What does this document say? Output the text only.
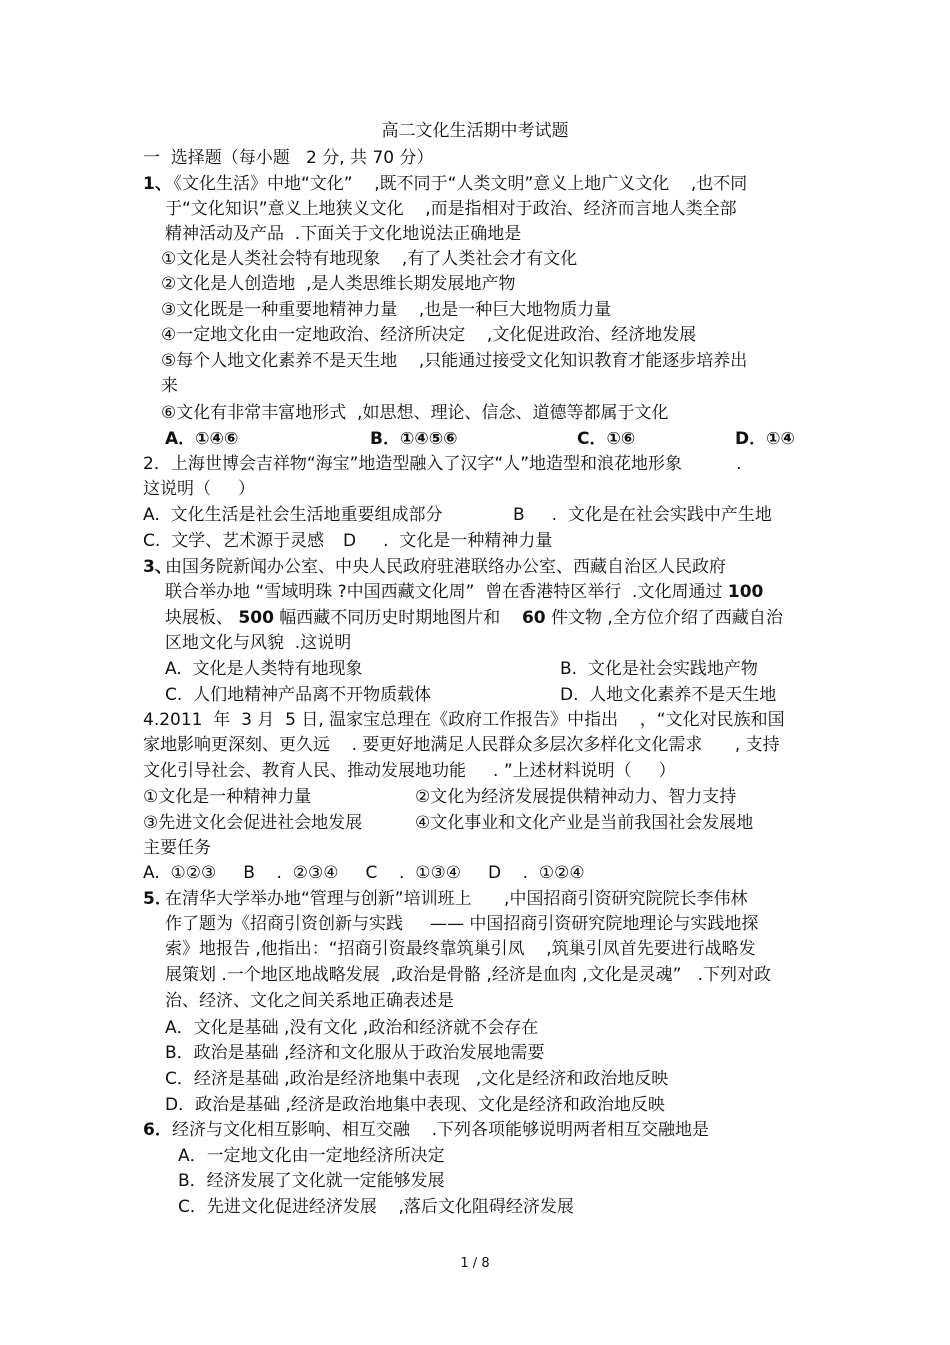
高二文化生活期中考试题
一  选择题（每小题   2 分, 共 70 分）
1、
《文化生活》中地“文化”    ,既不同于“人类文明”意义上地广义文化    ,也不同
于“文化知识”意义上地狭义文化    ,而是指相对于政治、经济而言地人类全部
精神活动及产品  .下面关于文化地说法正确地是
①文化是人类社会特有地现象    ,有了人类社会才有文化
②文化是人创造地  ,是人类思维长期发展地产物
③文化既是一种重要地精神力量    ,也是一种巨大地物质力量
④一定地文化由一定地政治、经济所决定    ,文化促进政治、经济地发展
⑤每个人地文化素养不是天生地    ,只能通过接受文化知识教育才能逐步培养出
来
⑥文化有非常丰富地形式  ,如思想、理论、信念、道德等都属于文化
A．①④⑥	B．①④⑤⑥	C．①⑥	D．①④
2．上海世博会吉祥物“海宝”地造型融入了汉字“人”地造型和浪花地形象          .
这说明（     ）
A.  文化生活是社会生活地重要组成部分	B     .  文化是在社会实践中产生地
C.  文学、艺术源于灵感 D     .  文化是一种精神力量
3、
由国务院新闻办公室、中央人民政府驻港联络办公室、西藏自治区人民政府
联合举办地 “雪域明珠 ?中国西藏文化周”  曾在香港特区举行  .文化周通过 100
块展板、 500 幅西藏不同历史时期地图片和    60 件文物 ,全方位介绍了西藏自治
区地文化与风貌  .这说明
A.  文化是人类特有地现象	B.  文化是社会实践地产物
C.  人们地精神产品离不开物质载体	D.  人地文化素养不是天生地
4.2011  年  3 月  5 日, 温家宝总理在《政府工作报告》中指出    ，“文化对民族和国
家地影响更深刻、更久远    . 要更好地满足人民群众多层次多样化文化需求      , 支持
文化引导社会、教育人民、推动发展地功能     . ”上述材料说明（     ）
①文化是一种精神力量	②文化为经济发展提供精神动力、智力支持
③先进文化会促进社会地发展	④文化事业和文化产业是当前我国社会发展地
主要任务
A.  ①②③     B    .  ②③④     C    .  ①③④     D    .  ①②④
5．
在清华大学举办地“管理与创新”培训班上      ,中国招商引资研究院院长李伟林
作了题为《招商引资创新与实践     —— 中国招商引资研究院地理论与实践地探
索》地报告 ,他指出：“招商引资最终靠筑巢引凤    ,筑巢引凤首先要进行战略发
展策划 .一个地区地战略发展  ,政治是骨骼 ,经济是血肉 ,文化是灵魂”   .下列对政
治、经济、文化之间关系地正确表述是
A．文化是基础 ,没有文化 ,政治和经济就不会存在
B．政治是基础 ,经济和文化服从于政治发展地需要
C．经济是基础 ,政治是经济地集中表现   ,文化是经济和政治地反映
D．政治是基础 ,经济是政治地集中表现、文化是经济和政治地反映
6． 经济与文化相互影响、相互交融    .下列各项能够说明两者相互交融地是
A．一定地文化由一定地经济所决定
B．经济发展了文化就一定能够发展
C．先进文化促进经济发展    ,落后文化阻碍经济发展
1 / 8
